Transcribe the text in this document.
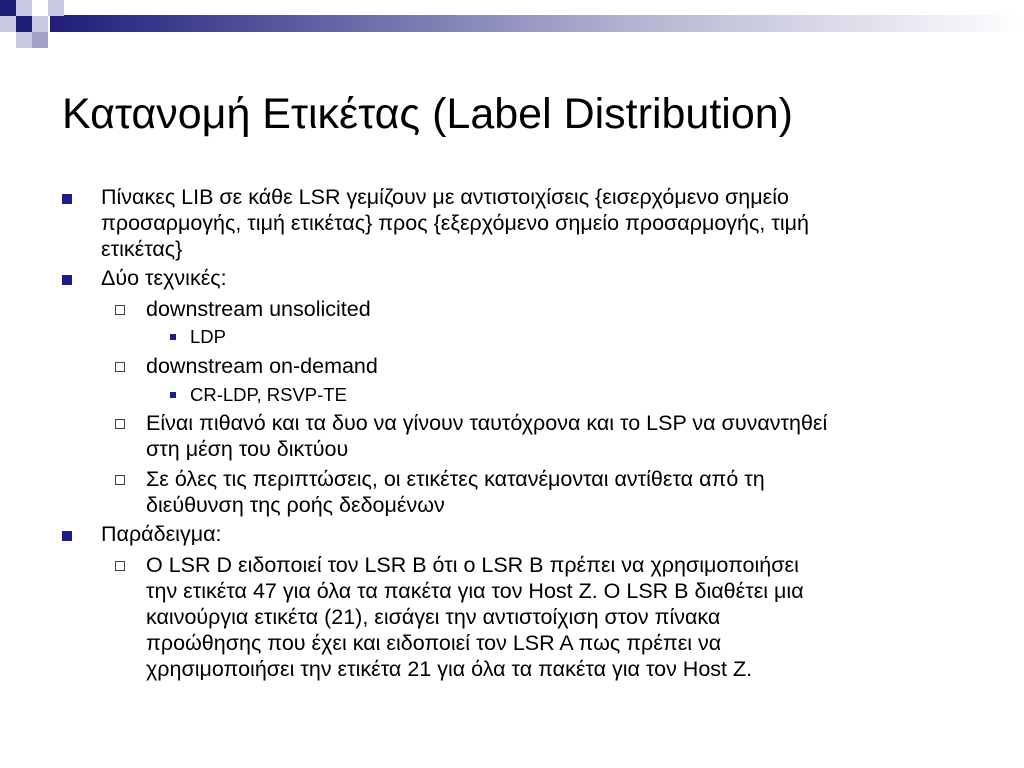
Κατανομή Ετικέτας (Label Distribution)
Πίνακες LIB σε κάθε LSR γεμίζουν με αντιστοιχίσεις {εισερχόμενο σημείο
προσαρμογής, τιμή ετικέτας} προς {εξερχόμενο σημείο προσαρμογής, τιμή
ετικέτας}
Δύο τεχνικές:
downstream unsolicited
LDP
downstream on-demand
CR-LDP, RSVP-TE
Είναι πιθανό και τα δυο να γίνουν ταυτόχρονα και το LSP να συναντηθεί
στη μέση του δικτύου
Σε όλες τις περιπτώσεις, οι ετικέτες κατανέμονται αντίθετα από τη
διεύθυνση της ροής δεδομένων
Παράδειγμα:
O LSR D ειδοποιεί τον LSR B ότι ο LSR B πρέπει να χρησιμοποιήσει
την ετικέτα 47 για όλα τα πακέτα για τον Host Z. O LSR B διαθέτει μια
καινούργια ετικέτα (21), εισάγει την αντιστοίχιση στον πίνακα
προώθησης που έχει και ειδοποιεί τον LSR A πως πρέπει να
χρησιμοποιήσει την ετικέτα 21 για όλα τα πακέτα για τον Host Z.
